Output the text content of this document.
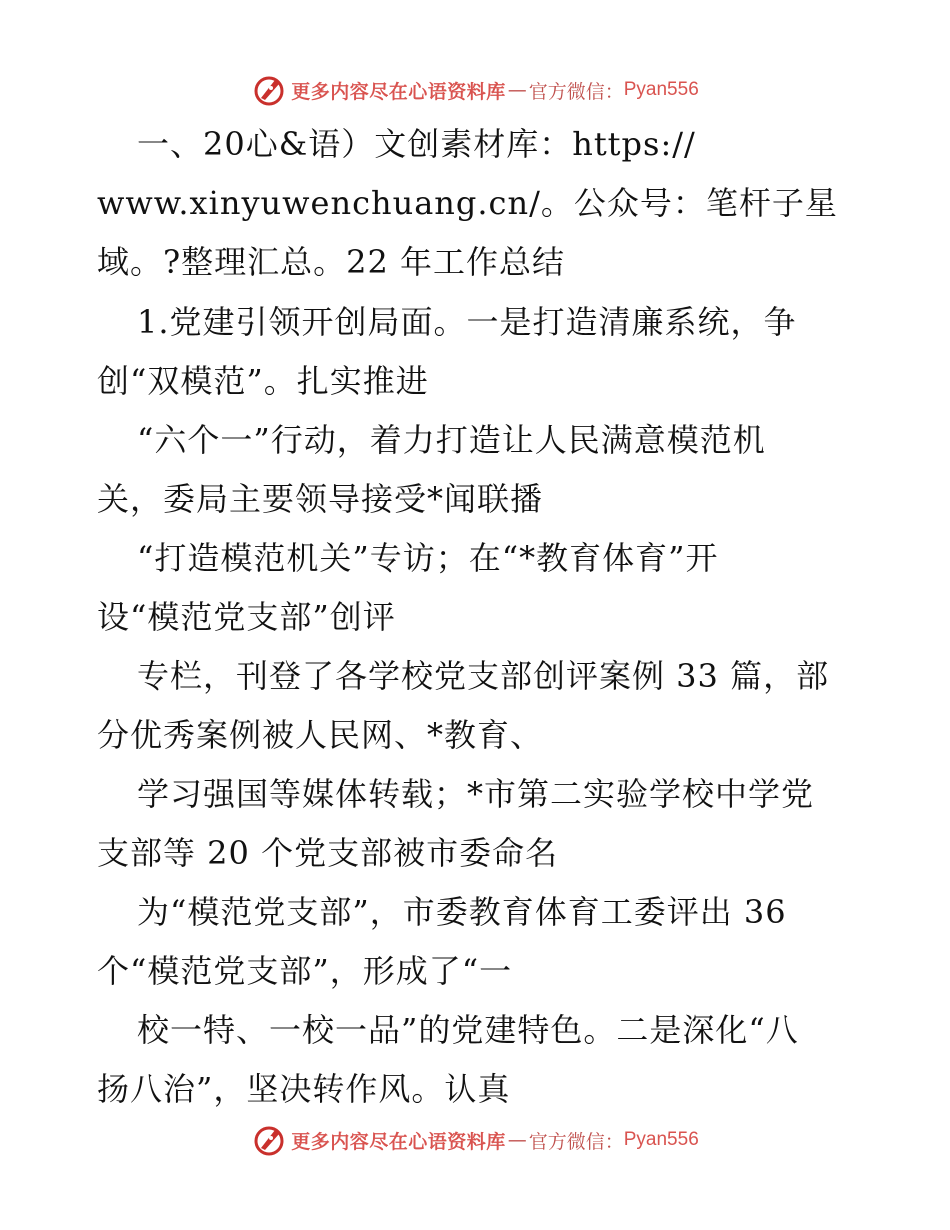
更多内容尽在心语资料库 — 官方微信： Pyan556
一、20心&语）文创素材库：https://
www.xinyuwenchuang.cn/。公众号：笔杆子星
域。?整理汇总。22 年工作总结
1.党建引领开创局面。一是打造清廉系统，争
创“双模范”。扎实推进
“六个一”行动，着力打造让人民满意模范机
关，委局主要领导接受*闻联播
“打造模范机关”专访；在“*教育体育”开
设“模范党支部”创评
专栏，刊登了各学校党支部创评案例 33 篇，部
分优秀案例被人民网、*教育、
学习强国等媒体转载；*市第二实验学校中学党
支部等 20 个党支部被市委命名
为“模范党支部”，市委教育体育工委评出 36
个“模范党支部”，形成了“一
校一特、一校一品”的党建特色。二是深化“八
扬八治”，坚决转作风。认真
更多内容尽在心语资料库 — 官方微信： Pyan556
